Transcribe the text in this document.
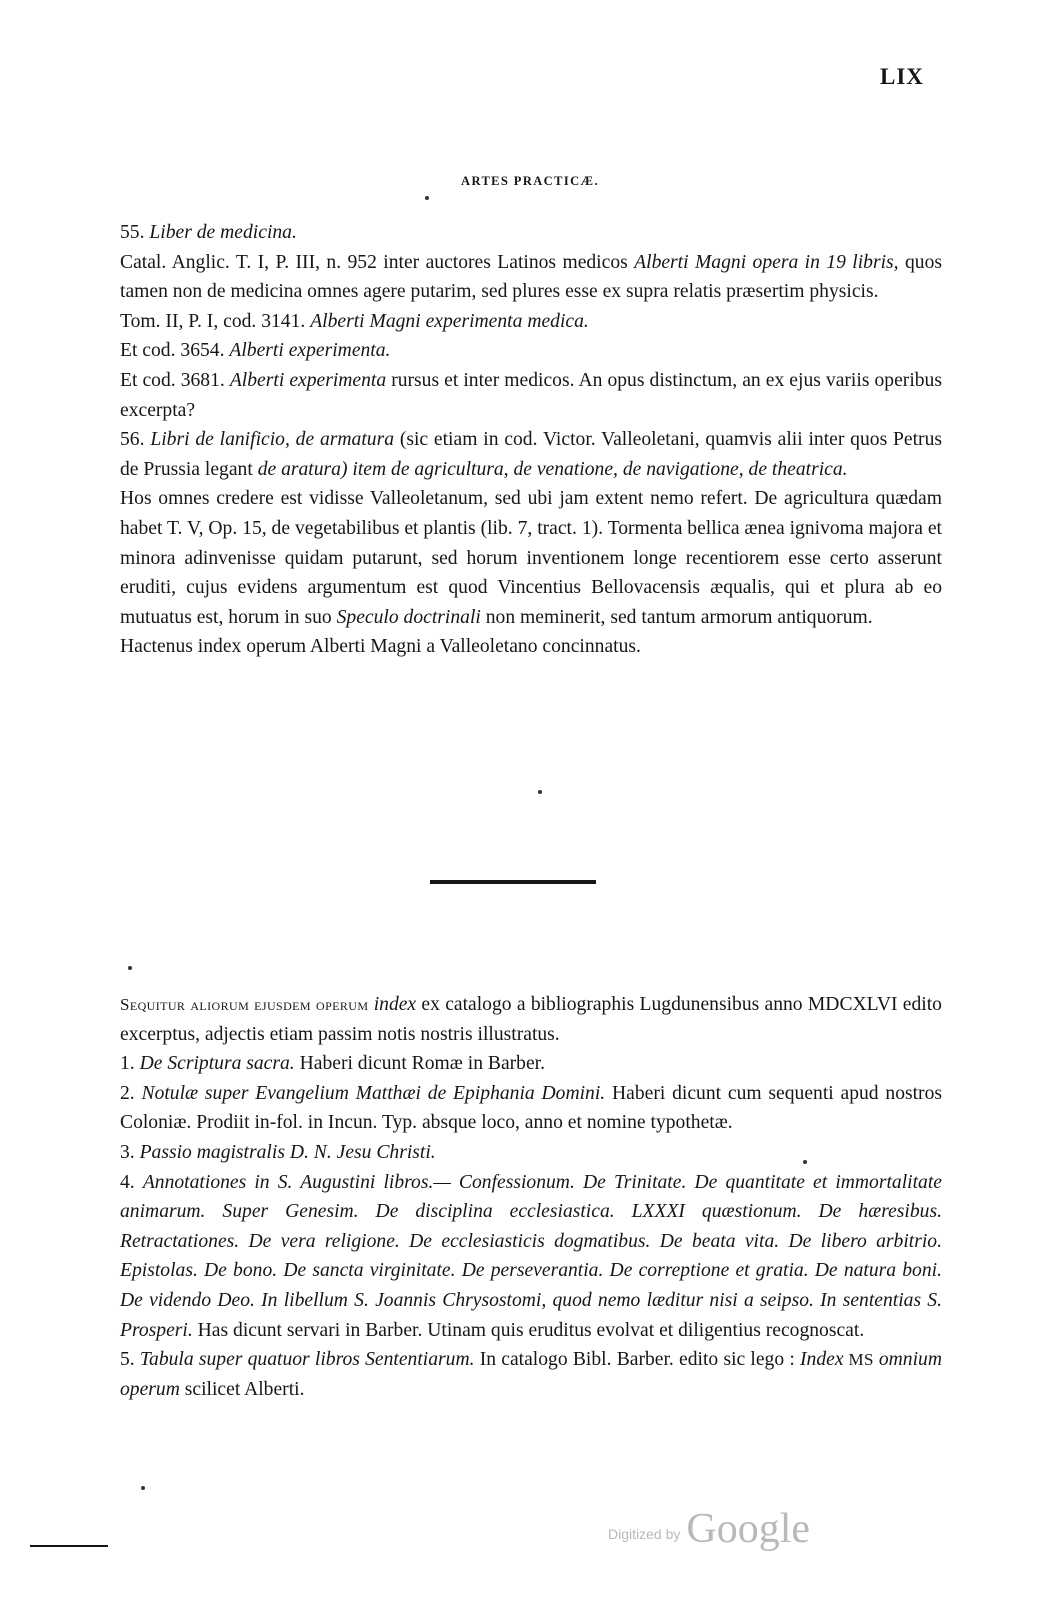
LIX
ARTES PRACTICÆ.

55. Liber de medicina.

Catal. Anglic. T. I, P. III, n. 952 inter auctores Latinos medicos Alberti Magni opera in 19 libris, quos tamen non de medicina omnes agere putarim, sed plures esse ex supra relatis præsertim physicis.

Tom. II, P. I, cod. 3141. Alberti Magni experimenta medica.

Et cod. 3654. Alberti experimenta.

Et cod. 3681. Alberti experimenta rursus et inter medicos. An opus distinctum, an ex ejus variis operibus excerpta?

56. Libri de lanificio, de armatura (sic etiam in cod. Victor. Valleoletani, quamvis alii inter quos Petrus de Prussia legant de aratura) item de agricultura, de venatione, de navigatione, de theatrica.

Hos omnes credere est vidisse Valleoletanum, sed ubi jam extent nemo refert. De agricultura quædam habet T. V, Op. 15, de vegetabilibus et plantis (lib. 7, tract. 1). Tormenta bellica ænea ignivoma majora et minora adinvenisse quidam putarunt, sed horum inventionem longe recentiorem esse certo asserunt eruditi, cujus evidens argumentum est quod Vincentius Bellovacensis æqualis, qui et plura ab eo mutuatus est, horum in suo Speculo doctrinali non meminerit, sed tantum armorum antiquorum.

Hactenus index operum Alberti Magni a Valleoletano concinnatus.

Sequitur aliorum ejusdem operum index ex catalogo a bibliographis Lugdunensibus anno MDCXLVI edito excerptus, adjectis etiam passim notis nostris illustratus.

1. De Scriptura sacra. Haberi dicunt Romæ in Barber.

2. Notulæ super Evangelium Matthæi de Epiphania Domini. Haberi dicunt cum sequenti apud nostros Coloniæ. Prodiit in-fol. in Incun. Typ. absque loco, anno et nomine typothetæ.

3. Passio magistralis D. N. Jesu Christi.

4. Annotationes in S. Augustini libros.— Confessionum. De Trinitate. De quantitate et immortalitate animarum. Super Genesim. De disciplina ecclesiastica. LXXXI quæstionum. De hæresibus. Retractationes. De vera religione. De ecclesiasticis dogmatibus. De beata vita. De libero arbitrio. Epistolas. De bono. De sancta virginitate. De perseverantia. De correptione et gratia. De natura boni. De videndo Deo. In libellum S. Joannis Chrysostomi, quod nemo læditur nisi a seipso. In sententias S. Prosperi. Has dicunt servari in Barber. Utinam quis eruditus evolvat et diligentius recognoscat.

5. Tabula super quatuor libros Sententiarum. In catalogo Bibl. Barber. edito sic lego : Index MS omnium operum scilicet Alberti.

Digitized by Google
